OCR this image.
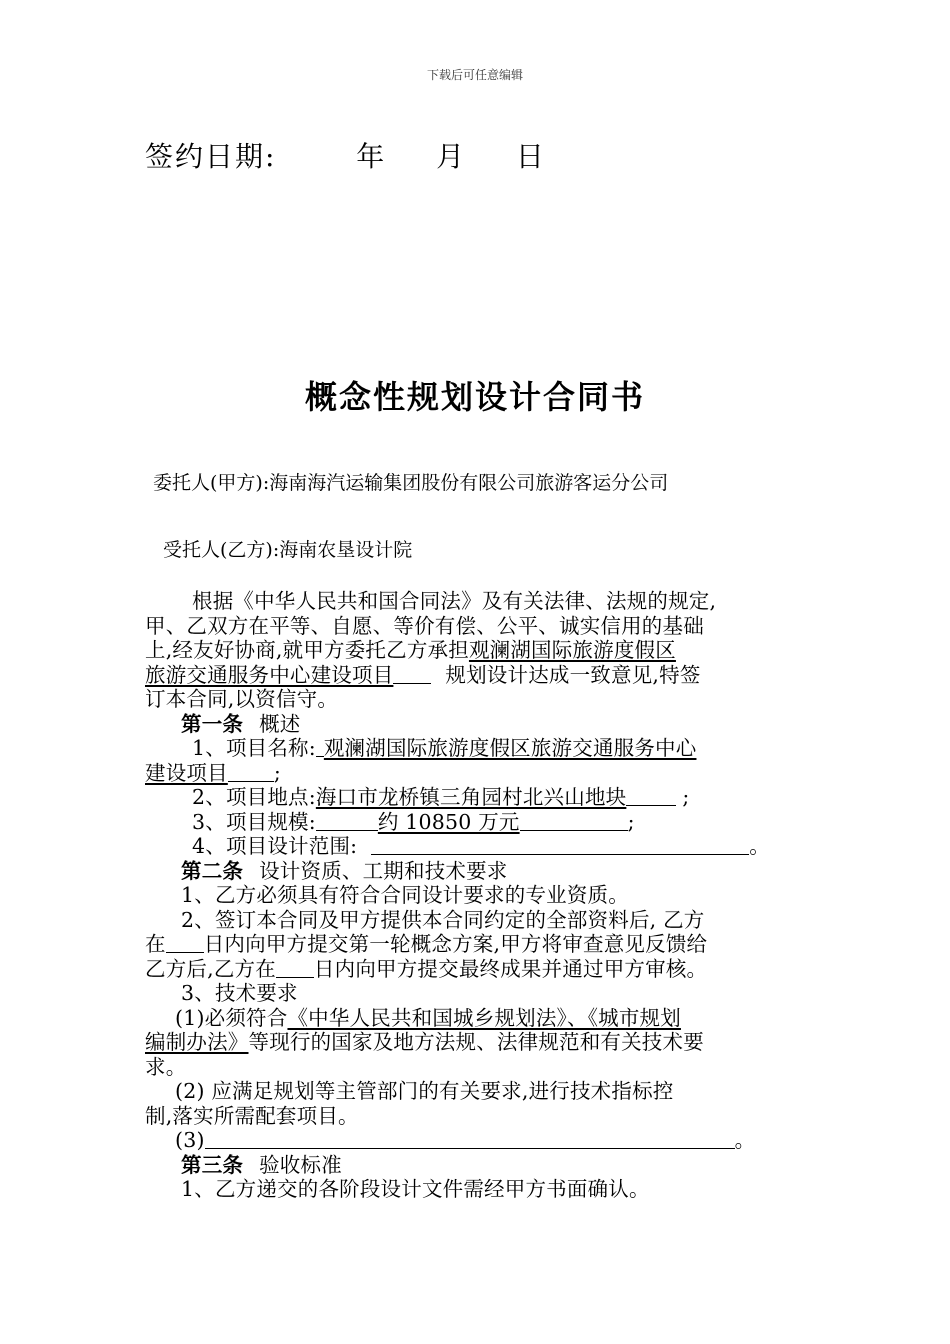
下载后可任意编辑
签约日期:	年 月 日
概念性规划设计合同书
委托人(甲方):海南海汽运输集团股份有限公司旅游客运分公司
受托人(乙方):海南农垦设计院
根据《中华人民共和国合同法》及有关法律、法规的规定,
甲、乙双方在平等、自愿、等价有偿、公平、诚实信用的基础
上,经友好协商,就甲方委托乙方承担观澜湖国际旅游度假区
旅游交通服务中心建设项目	规划设计达成一致意见,特签
订本合同,以资信守。
第一条 概述
1、项目名称: 观澜湖国际旅游度假区旅游交通服务中心
建设项目 ;
2、项目地点:海口市龙桥镇三角园村北兴山地块	;
3、项目规模:	约 10850 万元	;
4、项目设计范围:	。
第二条 设计资质、工期和技术要求
1、乙方必须具有符合合同设计要求的专业资质。
2、签订本合同及甲方提供本合同约定的全部资料后, 乙方
在 日内向甲方提交第一轮概念方案,甲方将审查意见反馈给
乙方后,乙方在 日内向甲方提交最终成果并通过甲方审核。
3、技术要求
(1)必须符合《中华人民共和国城乡规划法》、《城市规划
编制办法》等现行的国家及地方法规、法律规范和有关技术要
求。
(2) 应满足规划等主管部门的有关要求,进行技术指标控
制,落实所需配套项目。
(3)	。
第三条 验收标准
1、乙方递交的各阶段设计文件需经甲方书面确认。
